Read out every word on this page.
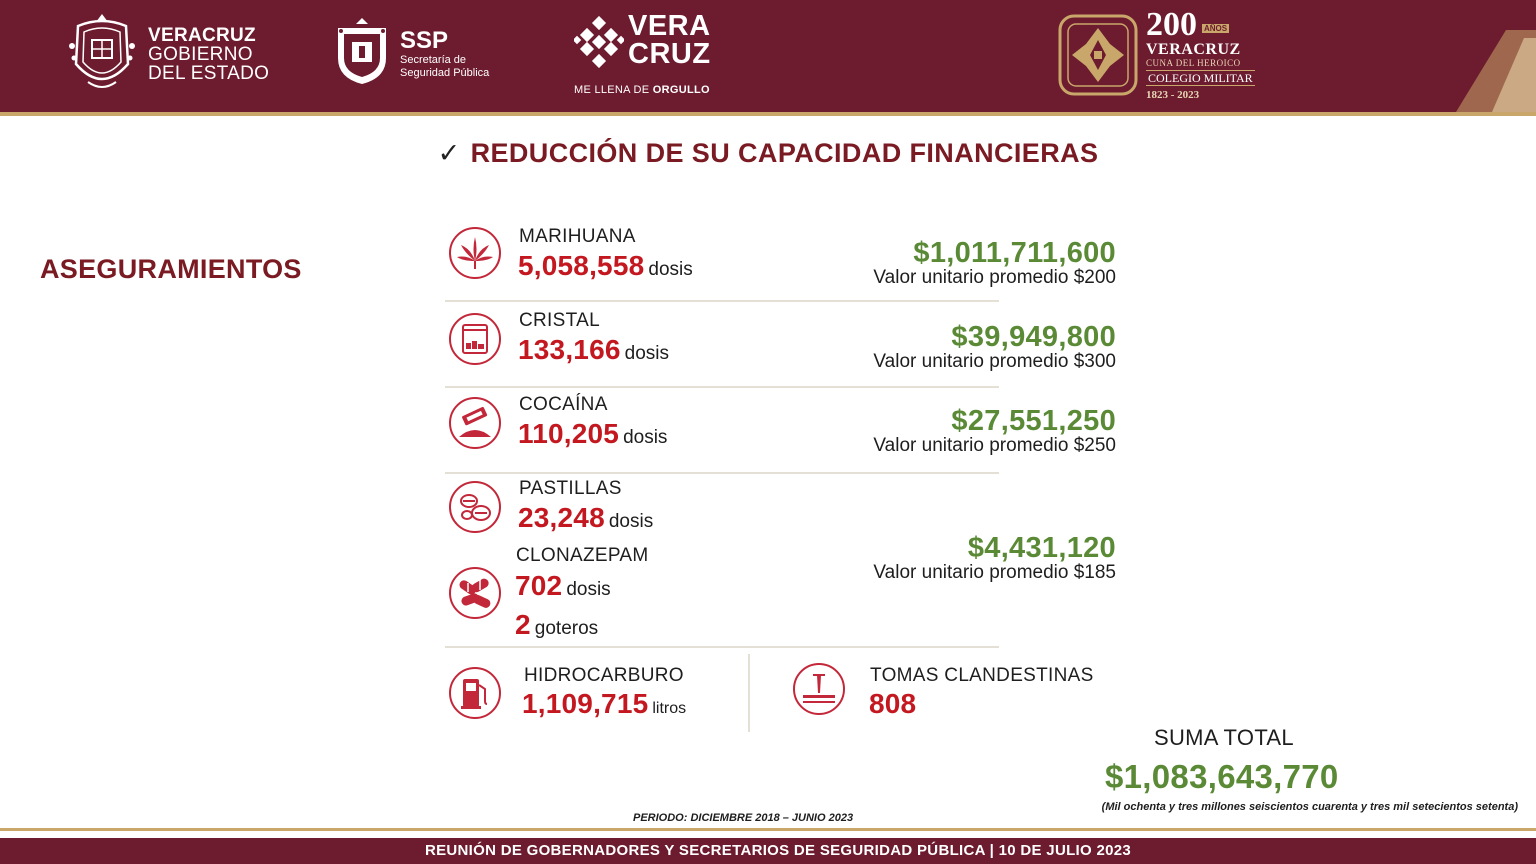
VERACRUZ
GOBIERNO
DEL ESTADO
SSP
Secretaría de
Seguridad Pública
VERA
CRUZ
ME LLENA DE ORGULLO
200 AÑOS
VERACRUZ
CUNA DEL HEROICO
COLEGIO MILITAR
1823 - 2023
✓ REDUCCIÓN DE SU CAPACIDAD FINANCIERAS
ASEGURAMIENTOS
MARIHUANA
5,058,558 dosis
$1,011,711,600
Valor unitario promedio $200
CRISTAL
133,166 dosis
$39,949,800
Valor unitario promedio $300
COCAÍNA
110,205 dosis
$27,551,250
Valor unitario promedio $250
PASTILLAS
23,248 dosis
CLONAZEPAM
702 dosis
2 goteros
$4,431,120
Valor unitario promedio $185
HIDROCARBURO
1,109,715 litros
TOMAS CLANDESTINAS
808
SUMA TOTAL
$1,083,643,770
(Mil ochenta y tres millones seiscientos cuarenta y tres mil setecientos setenta)
PERIODO: DICIEMBRE 2018 – JUNIO 2023
REUNIÓN DE GOBERNADORES Y SECRETARIOS DE SEGURIDAD PÚBLICA | 10 DE JULIO 2023
